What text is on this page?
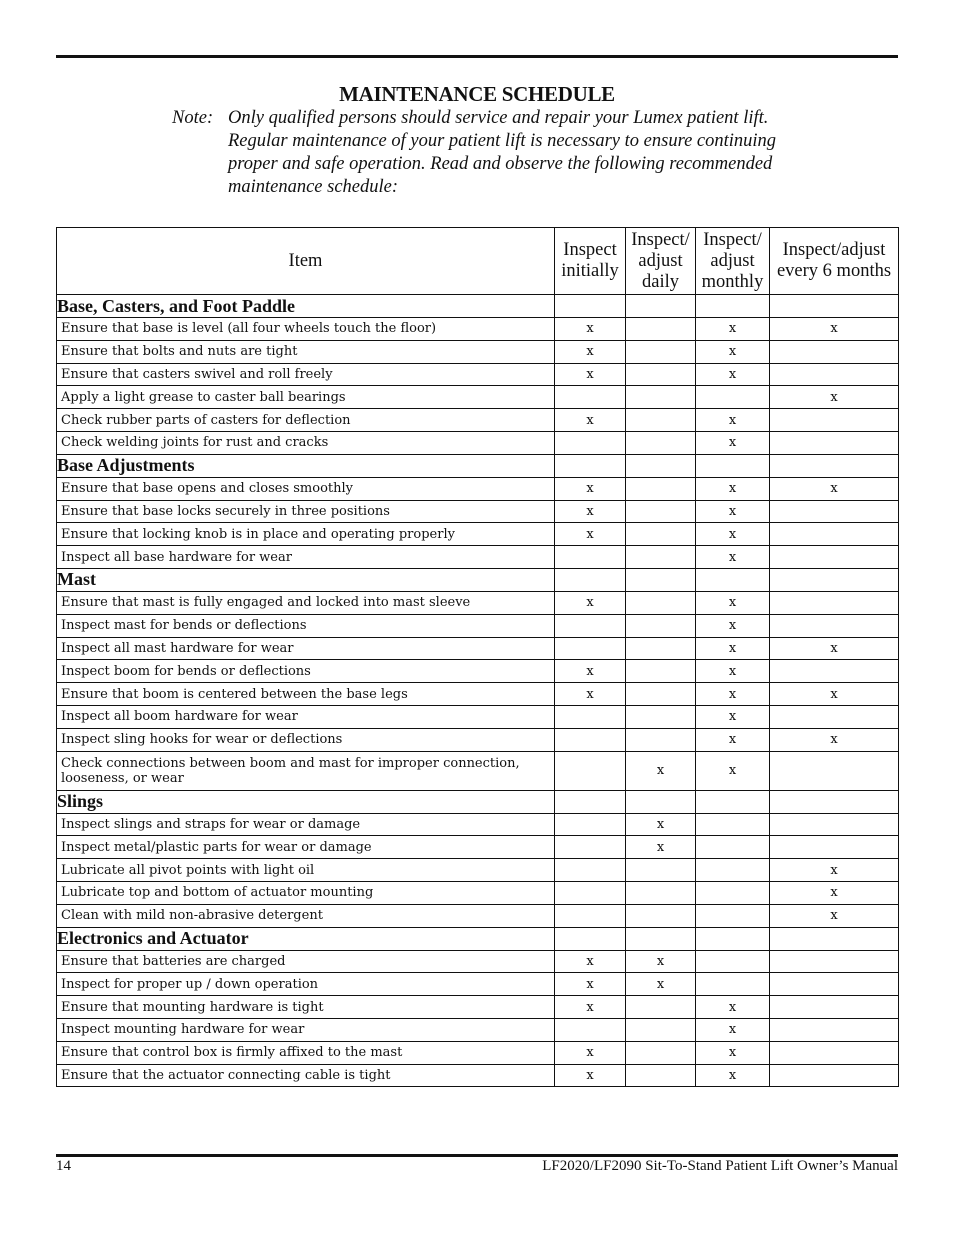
MAINTENANCE SCHEDULE
Note: Only qualified persons should service and repair your Lumex patient lift. Regular maintenance of your patient lift is necessary to ensure continuing proper and safe operation. Read and observe the following recommended maintenance schedule:
Item	Inspect initially	Inspect/ adjust daily	Inspect/ adjust monthly	Inspect/adjust every 6 months
Base, Casters, and Foot Paddle				
Ensure that base is level (all four wheels touch the floor)	x		x	x
Ensure that bolts and nuts are tight	x		x	
Ensure that casters swivel and roll freely	x		x	
Apply a light grease to caster ball bearings				x
Check rubber parts of casters for deflection	x		x	
Check welding joints for rust and cracks			x	
Base Adjustments				
Ensure that base opens and closes smoothly	x		x	x
Ensure that base locks securely in three positions	x		x	
Ensure that locking knob is in place and operating properly	x		x	
Inspect all base hardware for wear			x	
Mast				
Ensure that mast is fully engaged and locked into mast sleeve	x		x	
Inspect mast for bends or deflections			x	
Inspect all mast hardware for wear			x	x
Inspect boom for bends or deflections	x		x	
Ensure that boom is centered between the base legs	x		x	x
Inspect all boom hardware for wear			x	
Inspect sling hooks for wear or deflections			x	x
Check connections between boom and mast for improper connection, looseness, or wear		x	x	
Slings				
Inspect slings and straps for wear or damage		x		
Inspect metal/plastic parts for wear or damage		x		
Lubricate all pivot points with light oil				x
Lubricate top and bottom of actuator mounting				x
Clean with mild non-abrasive detergent				x
Electronics and Actuator				
Ensure that batteries are charged	x	x		
Inspect for proper up / down operation	x	x		
Ensure that mounting hardware is tight	x		x	
Inspect mounting hardware for wear			x	
Ensure that control box is firmly affixed to the mast	x		x	
Ensure that the actuator connecting cable is tight	x		x	
14	LF2020/LF2090 Sit-To-Stand Patient Lift Owner’s Manual
